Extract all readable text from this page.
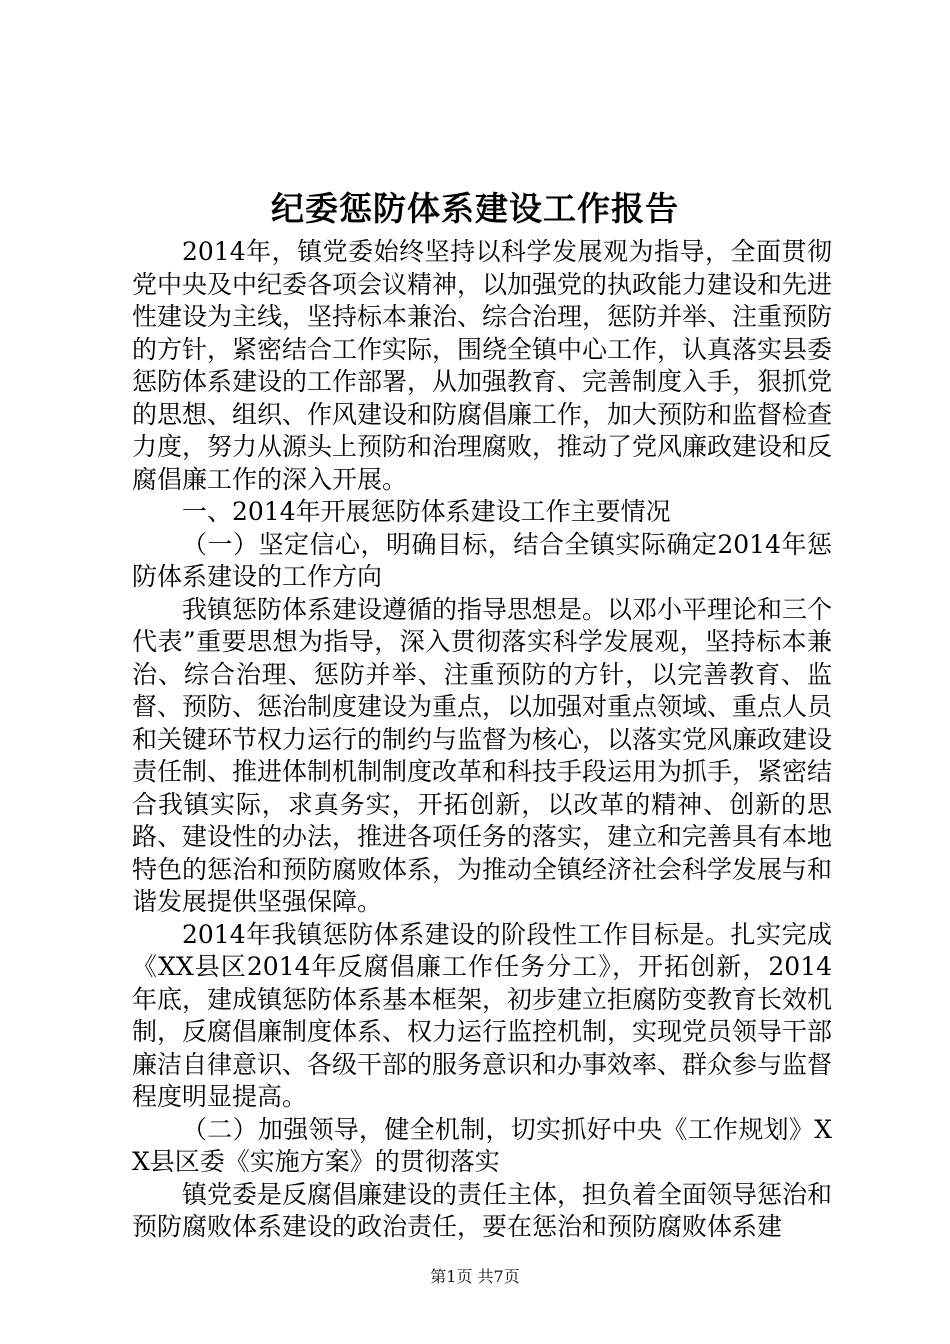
纪委惩防体系建设工作报告

2014年，镇党委始终坚持以科学发展观为指导，全面贯彻党中央及中纪委各项会议精神，以加强党的执政能力建设和先进性建设为主线，坚持标本兼治、综合治理，惩防并举、注重预防的方针，紧密结合工作实际，围绕全镇中心工作，认真落实县委惩防体系建设的工作部署，从加强教育、完善制度入手，狠抓党的思想、组织、作风建设和防腐倡廉工作，加大预防和监督检查力度，努力从源头上预防和治理腐败，推动了党风廉政建设和反腐倡廉工作的深入开展。

一、2014年开展惩防体系建设工作主要情况

（一）坚定信心，明确目标，结合全镇实际确定2014年惩防体系建设的工作方向

我镇惩防体系建设遵循的指导思想是。以邓小平理论和三个代表”重要思想为指导，深入贯彻落实科学发展观，坚持标本兼治、综合治理、惩防并举、注重预防的方针，以完善教育、监督、预防、惩治制度建设为重点，以加强对重点领域、重点人员和关键环节权力运行的制约与监督为核心，以落实党风廉政建设责任制、推进体制机制制度改革和科技手段运用为抓手，紧密结合我镇实际，求真务实，开拓创新，以改革的精神、创新的思路、建设性的办法，推进各项任务的落实，建立和完善具有本地特色的惩治和预防腐败体系，为推动全镇经济社会科学发展与和谐发展提供坚强保障。

2014年我镇惩防体系建设的阶段性工作目标是。扎实完成《XX县区2014年反腐倡廉工作任务分工》，开拓创新，2014年底，建成镇惩防体系基本框架，初步建立拒腐防变教育长效机制，反腐倡廉制度体系、权力运行监控机制，实现党员领导干部廉洁自律意识、各级干部的服务意识和办事效率、群众参与监督程度明显提高。

（二）加强领导，健全机制，切实抓好中央《工作规划》XX县区委《实施方案》的贯彻落实

镇党委是反腐倡廉建设的责任主体，担负着全面领导惩治和预防腐败体系建设的政治责任，要在惩治和预防腐败体系建

第1页 共7页
